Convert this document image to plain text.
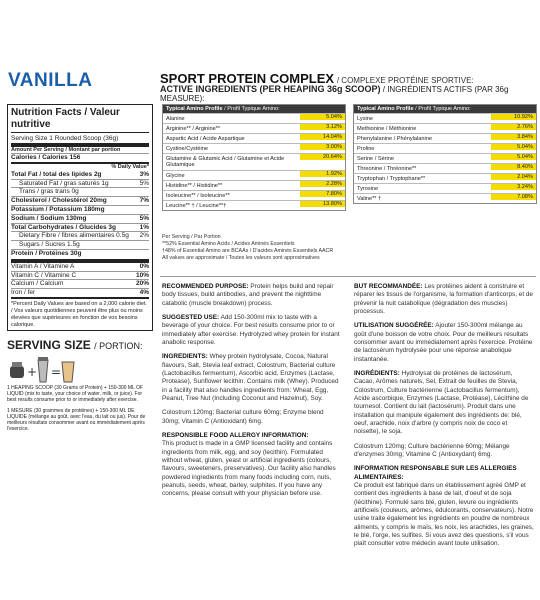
VANILLA	SPORT PROTEIN COMPLEX / COMPLEXE PROTÉINE SPORTIVE:
ACTIVE INGREDIENTS (PER HEAPING 36g SCOOP) / INGRÉDIENTS ACTIFS (PAR 36g MEASURE):
Nutrition Facts / Valeur nutritive
Serving Size 1 Rounded Scoop (36g)
Amount Per Serving / Montant par portion
Calories / Calories 156
% Daily Value*
Total Fat / total des lipides 2g	3%
Saturated Fat / gras saturés 1g	5%
Trans / gras trans 0g
Cholesterol / Cholestérol 20mg	7%
Potassium / Potassium 180mg
Sodium / Sodium 130mg	5%
Total Carbohydrates / Glucides 3g	1%
Dietary Fibre / fibres alimentaires 0.5g 2%
Sugars / Sucres 1.5g
Protein / Protéines 30g
Vitamin A / Vitamine A	0%
Vitamin C / Vitamine C	10%
Calcium / Calcium	20%
Iron / fer	4%
*Percent Daily Values are based on a 2,000 calorie diet. / Vos valeurs quotidiennes peuvent être plus ou moins élevées que supérieures en fonction de vos besoins calorique.
SERVING SIZE / PORTION:
+ =
1 HEAPING SCOOP (30 Grams of Protein) + 150-300 ML OF LIQUID (mix to taste, your choice of water, milk, or juice). For best results consume prior to or immediately after exercise.
1 MESURE (30 grammes de protéines) + 150-300 ML DE LIQUIDE (mélange au goût, avec l'eau, du lait ou jus). Pour de meilleurs résultats consommer avant ou immédiatement après l'exercice.
Typical Amino Profile / Profil Typique Amino:
Alanine	5.04%
Arginine** / Arginine**	3.12%
Aspartic Acid / Acide Aspartique	14.04%
Cystine/Cystéine	3.00%
Glutamine & Glutamic Acid / Glutamine et Acide Glutamique
20.64%
Glycine	1.92%
Histidine** / Histidine**	2.28%
Isoleucine** / Isoleucine**	7.80%
Leucine** † / Leucine**†	13.80%
Typical Amino Profile / Profil Typique Amino:
Lysine	10.92%
Methionine / Méthionine	2.76%
Phenylalanine / Phénylalanine	3.84%
Proline	5.04%
Serine / Sérine	5.04%
Threonine / Thréonine**	8.40%
Tryptophan / Tryptophane**	2.04%
Tyrosine	3.24%
Valine** †	7.08%
Per Serving / Par Portion
**52% Essential Amino Acids / Acides Aminés Essentiels
†48% of Essential Amino are BCAAs / D'acides Aminés Essentiels AACR
All values are approximate / Toutes les valeurs sont approximatives

RECOMMENDED PURPOSE: Protein helps build and repair body tissues, build antibodies, and prevent the nighttime catabolic (muscle breakdown) process.

SUGGESTED USE: Add 150-300ml mix to taste with a beverage of your choice. For best results consume prior to or immediately after exercise. Hydrolyzed whey protein for instant anabolic response.

INGREDIENTS: Whey protein hydrolysate, Cocoa, Natural flavours, Salt, Stevia leaf extract, Colostrum, Bacterial culture (Lactobacillus fermentum), Ascorbic acid, Enzymes (Lactase, Protease), Sunflower lecithin. Contains milk (Whey). Produced in a facility that also handles ingredients from: Wheat, Egg, Peanut, Tree Nut (Including Coconut and Hazelnut), Soy.

Colostrum 120mg; Bacterial culture 60mg; Enzyme blend 30mg; Vitamin C (Antioxidant) 6mg.

RESPONSIBLE FOOD ALLERGY INFORMATION:
This product is made in a GMP licensed facility and contains ingredients from milk, egg, and soy (lecithin). Formulated without wheat, gluten, yeast or artificial ingredients (colours, flavours, sweeteners, preservatives). Our facility also handles powdered ingredients from many foods including corn, nuts, peanuts, seeds, wheat, barley, sulphites. If you have any concerns, please consult with your physician before use.

BUT RECOMMANDÉE: Les protéines aident à construire et réparer les tissus de l'organisme, la formation d'anticorps, et de prévenir la nuit catabolique (dégradation des muscles) processus.

UTILISATION SUGGÉRÉE: Ajouter 150-300ml mélange au goût d'une boisson de votre choix. Pour de meilleurs résultats consommer avant ou immédiatement après l'exercice. Protéine de lactosérum hydrolysée pour une réponse anabolique instantanée.

INGRÉDIENTS: Hydrolysat de protéines de lactosérum, Cacao, Arômes naturels, Sel, Extrait de feuilles de Stevia, Colostrum, Culture bactérienne (Lactobacillus fermentum), Acide ascorbique, Enzymes (Lactase, Protéase), Lécithine de tournesol. Contient du lait (lactosérum). Produit dans une installation qui manipule également des ingrédients de: blé, oeuf, arachide, noix d'arbre (y compris noix de coco et noisette), le soja.

Colostrum 120mg; Culture bactérienne 60mg; Mélange d'enzymes 30mg; Vitamine C (Antioxydant) 6mg.

INFORMATION RESPONSABLE SUR LES ALLERGIES ALIMENTAIRES:
Ce produit est fabriqué dans un établissement agréé GMP et contient des ingrédients à base de lait, d'oeuf et de soja (lécithine). Formulé sans blé, gluten, levure ou ingrédients artificiels (couleurs, arômes, édulcorants, conservateurs). Notre usine traite également les ingrédients en poudre de nombreux aliments, y compris le maïs, les noix, les arachides, les graines, le blé, l'orge, les sulfites. Si vous avez des questions, s'il vous plaît consulter votre médecin avant toute utilisation.
